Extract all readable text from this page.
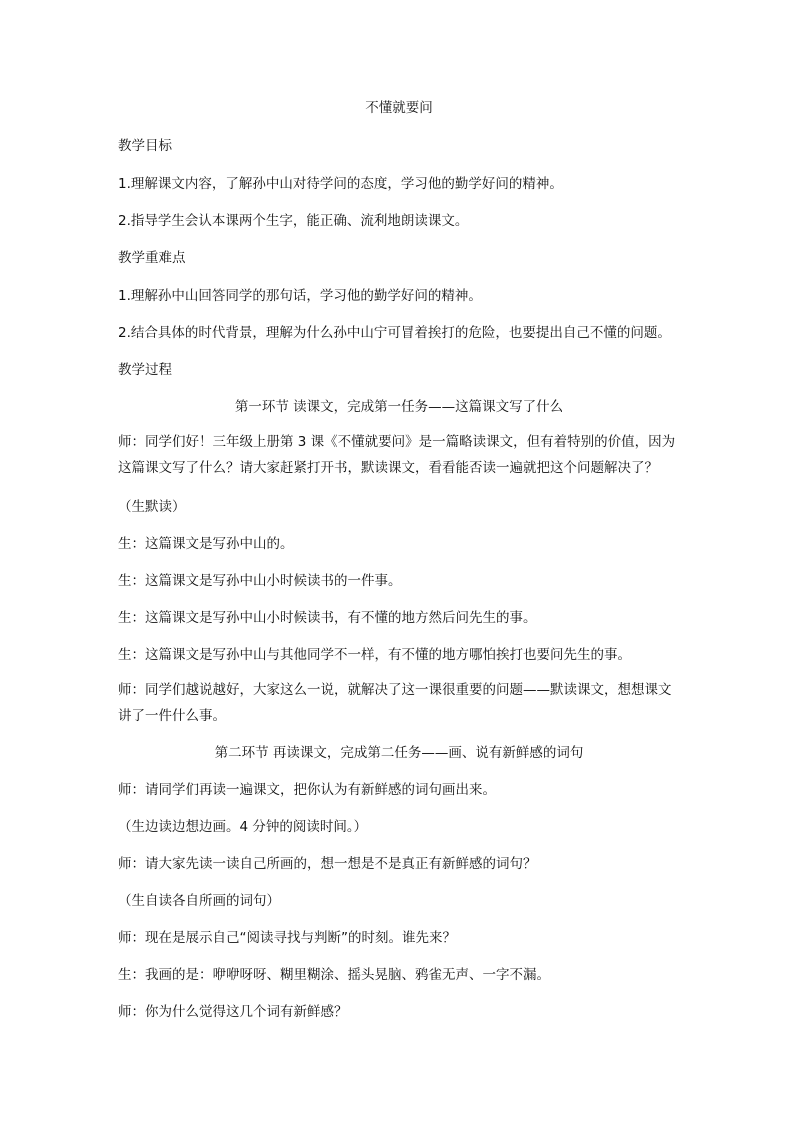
不懂就要问
教学目标
1.理解课文内容，了解孙中山对待学问的态度，学习他的勤学好问的精神。
2.指导学生会认本课两个生字，能正确、流利地朗读课文。
教学重难点
1.理解孙中山回答同学的那句话，学习他的勤学好问的精神。
2.结合具体的时代背景，理解为什么孙中山宁可冒着挨打的危险，也要提出自己不懂的问题。
教学过程
第一环节 读课文，完成第一任务——这篇课文写了什么
师：同学们好！三年级上册第 3 课《不懂就要问》是一篇略读课文，但有着特别的价值，因为这篇课文写了什么？请大家赶紧打开书，默读课文，看看能否读一遍就把这个问题解决了？
（生默读）
生：这篇课文是写孙中山的。
生：这篇课文是写孙中山小时候读书的一件事。
生：这篇课文是写孙中山小时候读书，有不懂的地方然后问先生的事。
生：这篇课文是写孙中山与其他同学不一样，有不懂的地方哪怕挨打也要问先生的事。
师：同学们越说越好，大家这么一说，就解决了这一课很重要的问题——默读课文，想想课文讲了一件什么事。
第二环节 再读课文，完成第二任务——画、说有新鲜感的词句
师：请同学们再读一遍课文，把你认为有新鲜感的词句画出来。
（生边读边想边画。4 分钟的阅读时间。）
师：请大家先读一读自己所画的，想一想是不是真正有新鲜感的词句？
（生自读各自所画的词句）
师：现在是展示自己“阅读寻找与判断”的时刻。谁先来？
生：我画的是：咿咿呀呀、糊里糊涂、摇头晃脑、鸦雀无声、一字不漏。
师：你为什么觉得这几个词有新鲜感？
